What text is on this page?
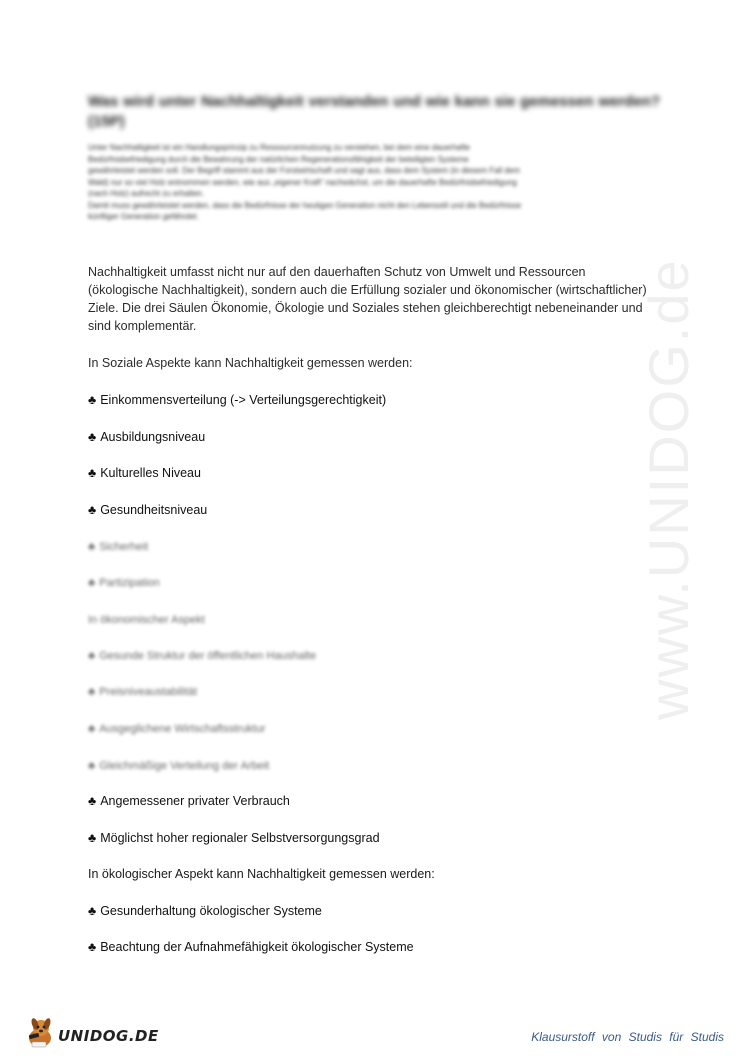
www.UNIDOG.de
Was wird unter Nachhaltigkeit verstanden und wie kann sie gemessen werden? (15P)
Unter Nachhaltigkeit ist ein Handlungsprinzip zu Ressourcennutzung zu verstehen, bei dem eine dauerhafte
Bedürfnisbefriedigung durch die Bewahrung der natürlichen Regenerationsfähigkeit der beteiligten Systeme
gewährleistet werden soll. Der Begriff stammt aus der Forstwirtschaft und sagt aus, dass dem System (in diesem Fall dem
Wald) nur so viel Holz entnommen werden, wie aus „eigener Kraft“ nachwächst, um die dauerhafte Bedürfnisbefriedigung
(nach Holz) aufrecht zu erhalten.
Damit muss gewährleistet werden, dass die Bedürfnisse der heutigen Generation nicht den Lebensstil und die Bedürfnisse
künftiger Generation gefährdet.
Nachhaltigkeit umfasst nicht nur auf den dauerhaften Schutz von Umwelt und Ressourcen (ökologische Nachhaltigkeit), sondern auch die Erfüllung sozialer und ökonomischer (wirtschaftlicher) Ziele. Die drei Säulen Ökonomie, Ökologie und Soziales stehen gleichberechtigt nebeneinander und sind komplementär.
In Soziale Aspekte kann Nachhaltigkeit gemessen werden:
♣ Einkommensverteilung (-> Verteilungsgerechtigkeit)
♣ Ausbildungsniveau
♣ Kulturelles Niveau
♣ Gesundheitsniveau
♣ Sicherheit
♣ Partizipation
In ökonomischer Aspekt
♣ Gesunde Struktur der öffentlichen Haushalte
♣ Preisniveaustabilität
♣ Ausgeglichene Wirtschaftsstruktur
♣ Gleichmäßige Verteilung der Arbeit
♣ Angemessener privater Verbrauch
♣ Möglichst hoher regionaler Selbstversorgungsgrad
In ökologischer Aspekt kann Nachhaltigkeit gemessen werden:
♣ Gesunderhaltung ökologischer Systeme
♣ Beachtung der Aufnahmefähigkeit ökologischer Systeme
UNIDOG.DE	Klausurstoff von Studis für Studis
